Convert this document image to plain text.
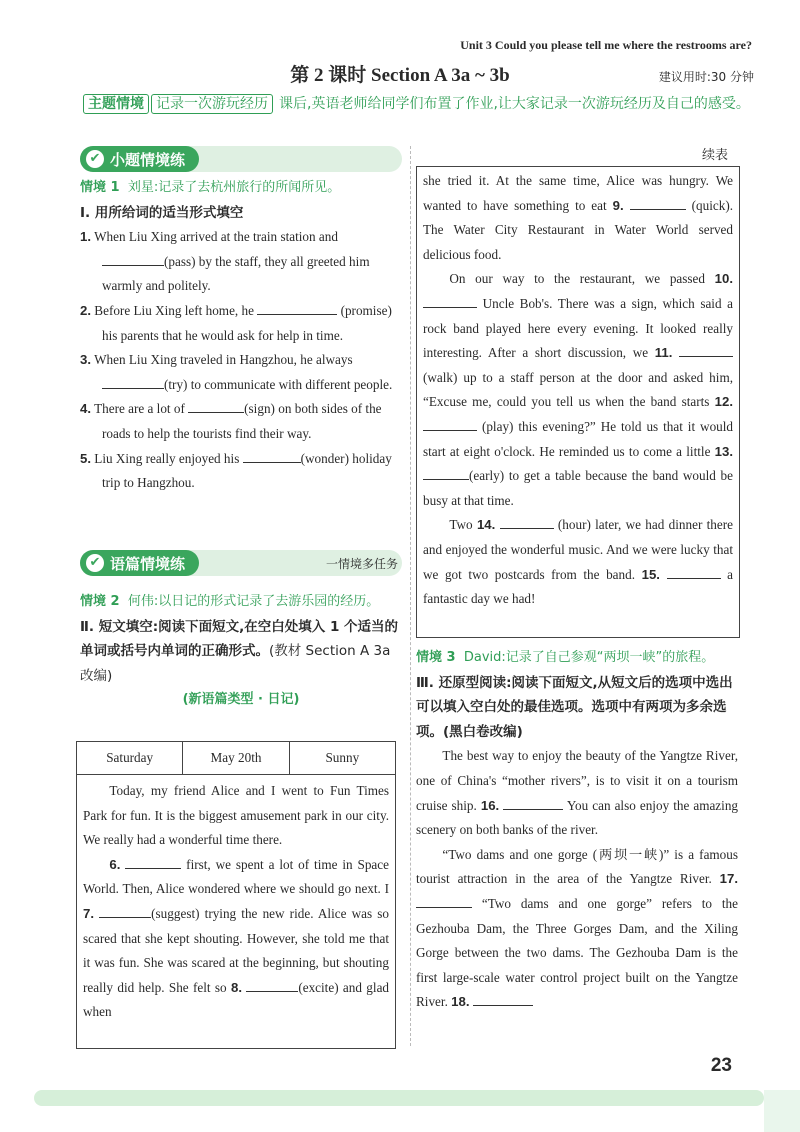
Unit 3 Could you please tell me where the restrooms are?
第 2 课时 Section A 3a ~ 3b	建议用时:30 分钟
主题情境 记录一次游玩经历 课后,英语老师给同学们布置了作业,让大家记录一次游玩经历及自己的感受。
✔ 小题情境练
情境 1 刘星:记录了去杭州旅行的所闻所见。
Ⅰ. 用所给词的适当形式填空
1. When Liu Xing arrived at the train station and (pass) by the staff, they all greeted him warmly and politely.
2. Before Liu Xing left home, he	(promise) his parents that he would ask for help in time.
3. When Liu Xing traveled in Hangzhou, he always (try) to communicate with different people.
4. There are a lot of	(sign) on both sides of the roads to help the tourists find their way.
5. Liu Xing really enjoyed his	(wonder) holiday trip to Hangzhou.
✔ 语篇情境练	一情境多任务
情境 2 何伟:以日记的形式记录了去游乐园的经历。
Ⅱ. 短文填空:阅读下面短文,在空白处填入 1 个适当的单词或括号内单词的正确形式。(教材 Section A 3a 改编)
(新语篇类型 · 日记)
Saturday	May 20th	Sunny
Today, my friend Alice and I went to Fun Times Park for fun. It is the biggest amusement park in our city. We really had a wonderful time there.
6.	first, we spent a lot of time in Space World. Then, Alice wondered where we should go next. I 7.	(suggest) trying the new ride. Alice was so scared that she kept shouting. However, she told me that it was fun. She was scared at the beginning, but shouting really did help. She felt so 8.	(excite) and glad when
续表
she tried it. At the same time, Alice was hungry. We wanted to have something to eat 9.	(quick). The Water City Restaurant in Water World served delicious food.
On our way to the restaurant, we passed 10.  Uncle Bob's. There was a sign, which said a rock band played here every evening. It looked really interesting. After a short discussion, we 11. (walk) up to a staff person at the door and asked him, “Excuse me, could you tell us when the band starts 12.  (play) this evening?” He told us that it would start at eight o'clock. He reminded us to come a little 13. (early) to get a table because the band would be busy at that time.
Two 14.	(hour) later, we had dinner there and enjoyed the wonderful music. And we were lucky that we got two postcards from the band. 15.	a fantastic day we had!
情境 3 David:记录了自己参观“两坝一峡”的旅程。
Ⅲ. 还原型阅读:阅读下面短文,从短文后的选项中选出可以填入空白处的最佳选项。选项中有两项为多余选项。(黑白卷改编)
The best way to enjoy the beauty of the Yangtze River, one of China's “mother rivers”, is to visit it on a tourism cruise ship. 16.	You can also enjoy the amazing scenery on both banks of the river.
“Two dams and one gorge (两坝一峡)” is a famous tourist attraction in the area of the Yangtze River. 17.  “Two dams and one gorge” refers to the Gezhouba Dam, the Three Gorges Dam, and the Xiling Gorge between the two dams. The Gezhouba Dam is the first large-scale water control project built on the Yangtze River. 18.
23
